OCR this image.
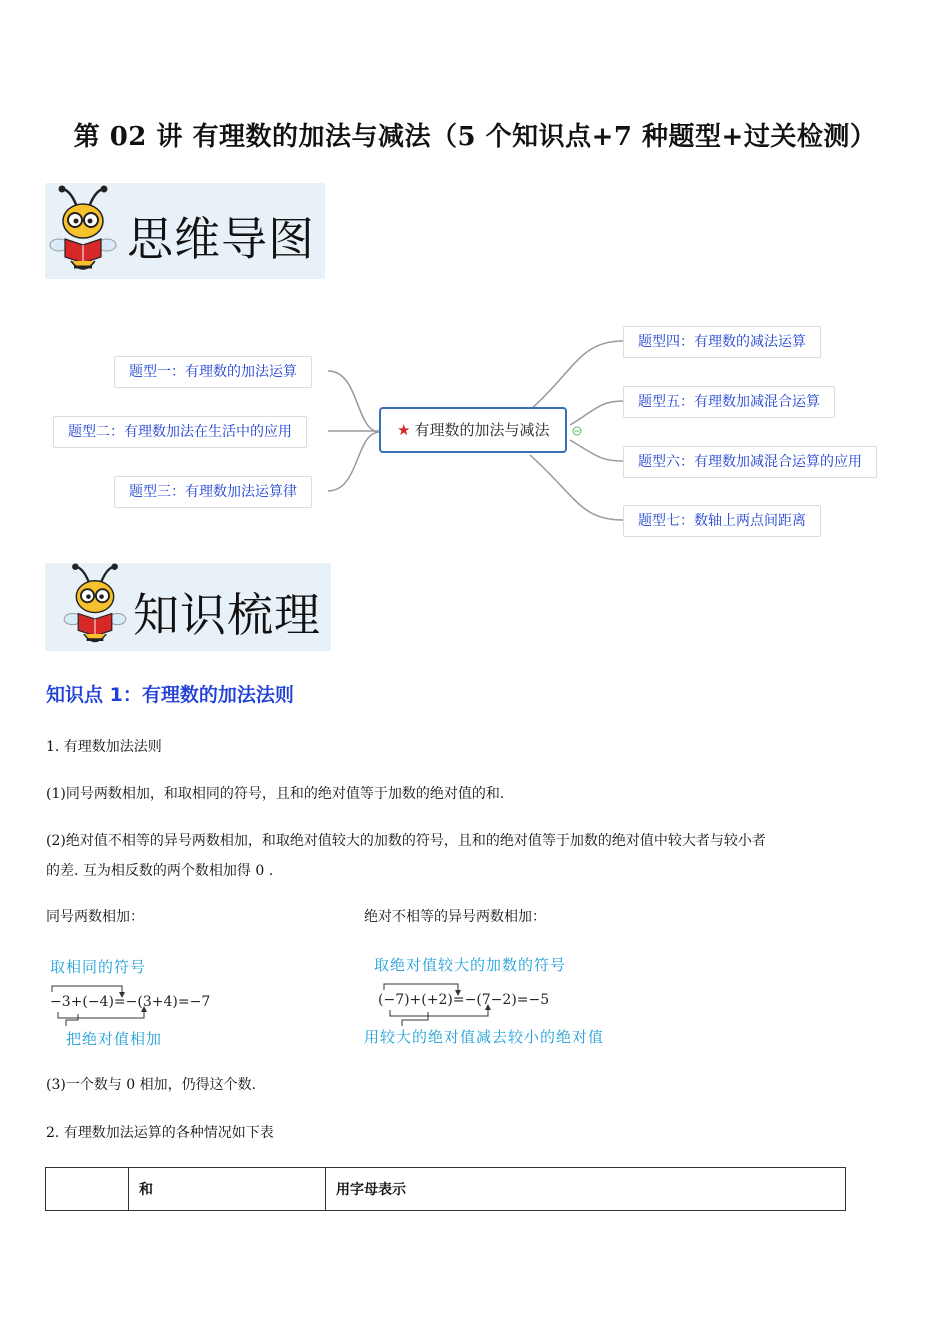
第 02 讲 有理数的加法与减法（5 个知识点+7 种题型+过关检测）
思维导图
★ 有理数的加法与减法
题型一：有理数的加法运算
题型二：有理数加法在生活中的应用
题型三：有理数加法运算律
题型四：有理数的减法运算
题型五：有理数加减混合运算
题型六：有理数加减混合运算的应用
题型七：数轴上两点间距离
知识梳理
知识点 1：有理数的加法法则
1. 有理数加法法则
(1)同号两数相加，和取相同的符号，且和的绝对值等于加数的绝对值的和.
(2)绝对值不相等的异号两数相加，和取绝对值较大的加数的符号，且和的绝对值等于加数的绝对值中较大者与较小者
的差. 互为相反数的两个数相加得 0 .
同号两数相加：	绝对不相等的异号两数相加：
取相同的符号
−3+(−4)=−(3+4)=−7
把绝对值相加
取绝对值较大的加数的符号
(−7)+(+2)=−(7−2)=−5
用较大的绝对值减去较小的绝对值
(3)一个数与 0 相加，仍得这个数.
2. 有理数加法运算的各种情况如下表
	和	用字母表示
